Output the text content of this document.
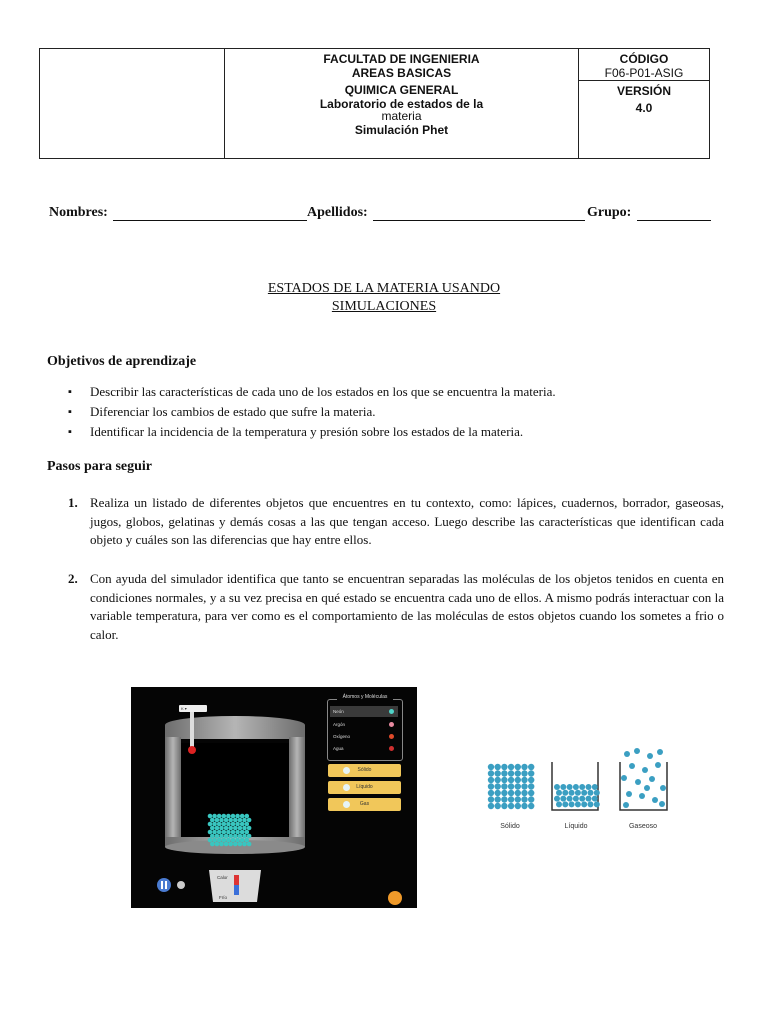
FACULTAD DE INGENIERIA
AREAS BASICAS
QUIMICA GENERAL
Laboratorio de estados de la
materia
Simulación Phet
CÓDIGO
F06-P01-ASIG
VERSIÓN
4.0
Nombres:	Apellidos:	Grupo:
ESTADOS DE LA MATERIA USANDO
SIMULACIONES
Objetivos de aprendizaje
▪ Describir las características de cada uno de los estados en los que se encuentra la materia.
▪ Diferenciar los cambios de estado que sufre la materia.
▪ Identificar la incidencia de la temperatura y presión sobre los estados de la materia.
Pasos para seguir
1. Realiza un listado de diferentes objetos que encuentres en tu contexto, como: lápices, cuadernos, borrador, gaseosas, jugos, globos, gelatinas y demás cosas a las que tengan acceso. Luego describe las características que identifican cada objeto y cuáles son las diferencias que hay entre ellos.
2. Con ayuda del simulador identifica que tanto se encuentran separadas las moléculas de los objetos tenidos en cuenta en condiciones normales, y a su vez precisa en qué estado se encuentra cada uno de ellos. A mismo podrás interactuar con la variable temperatura, para ver como es el comportamiento de las moléculas de estos objetos cuando los sometes a frio o calor.
Calor
Frío
K ▾
Átomos y Moléculas
Neón
Argón
Oxígeno
Agua
Sólido
Líquido
Gas
Sólido	Líquido	Gaseoso
